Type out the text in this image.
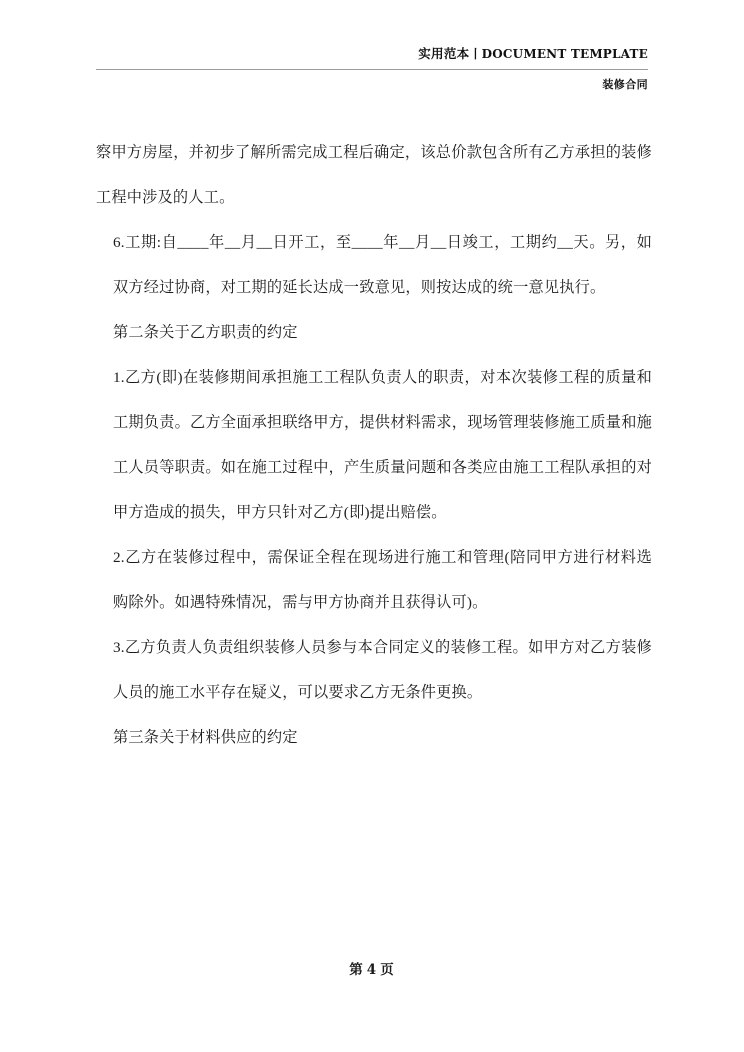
实用范本丨DOCUMENT TEMPLATE
装修合同

察甲方房屋，并初步了解所需完成工程后确定，该总价款包含所有乙方承担的装修工程中涉及的人工。

6.工期:自____年__月__日开工，至____年__月__日竣工，工期约__天。另，如双方经过协商，对工期的延长达成一致意见，则按达成的统一意见执行。

第二条关于乙方职责的约定

1.乙方(即)在装修期间承担施工工程队负责人的职责，对本次装修工程的质量和工期负责。乙方全面承担联络甲方，提供材料需求，现场管理装修施工质量和施工人员等职责。如在施工过程中，产生质量问题和各类应由施工工程队承担的对甲方造成的损失，甲方只针对乙方(即)提出赔偿。

2.乙方在装修过程中，需保证全程在现场进行施工和管理(陪同甲方进行材料选购除外。如遇特殊情况，需与甲方协商并且获得认可)。

3.乙方负责人负责组织装修人员参与本合同定义的装修工程。如甲方对乙方装修人员的施工水平存在疑义，可以要求乙方无条件更换。

第三条关于材料供应的约定

第 4 页
